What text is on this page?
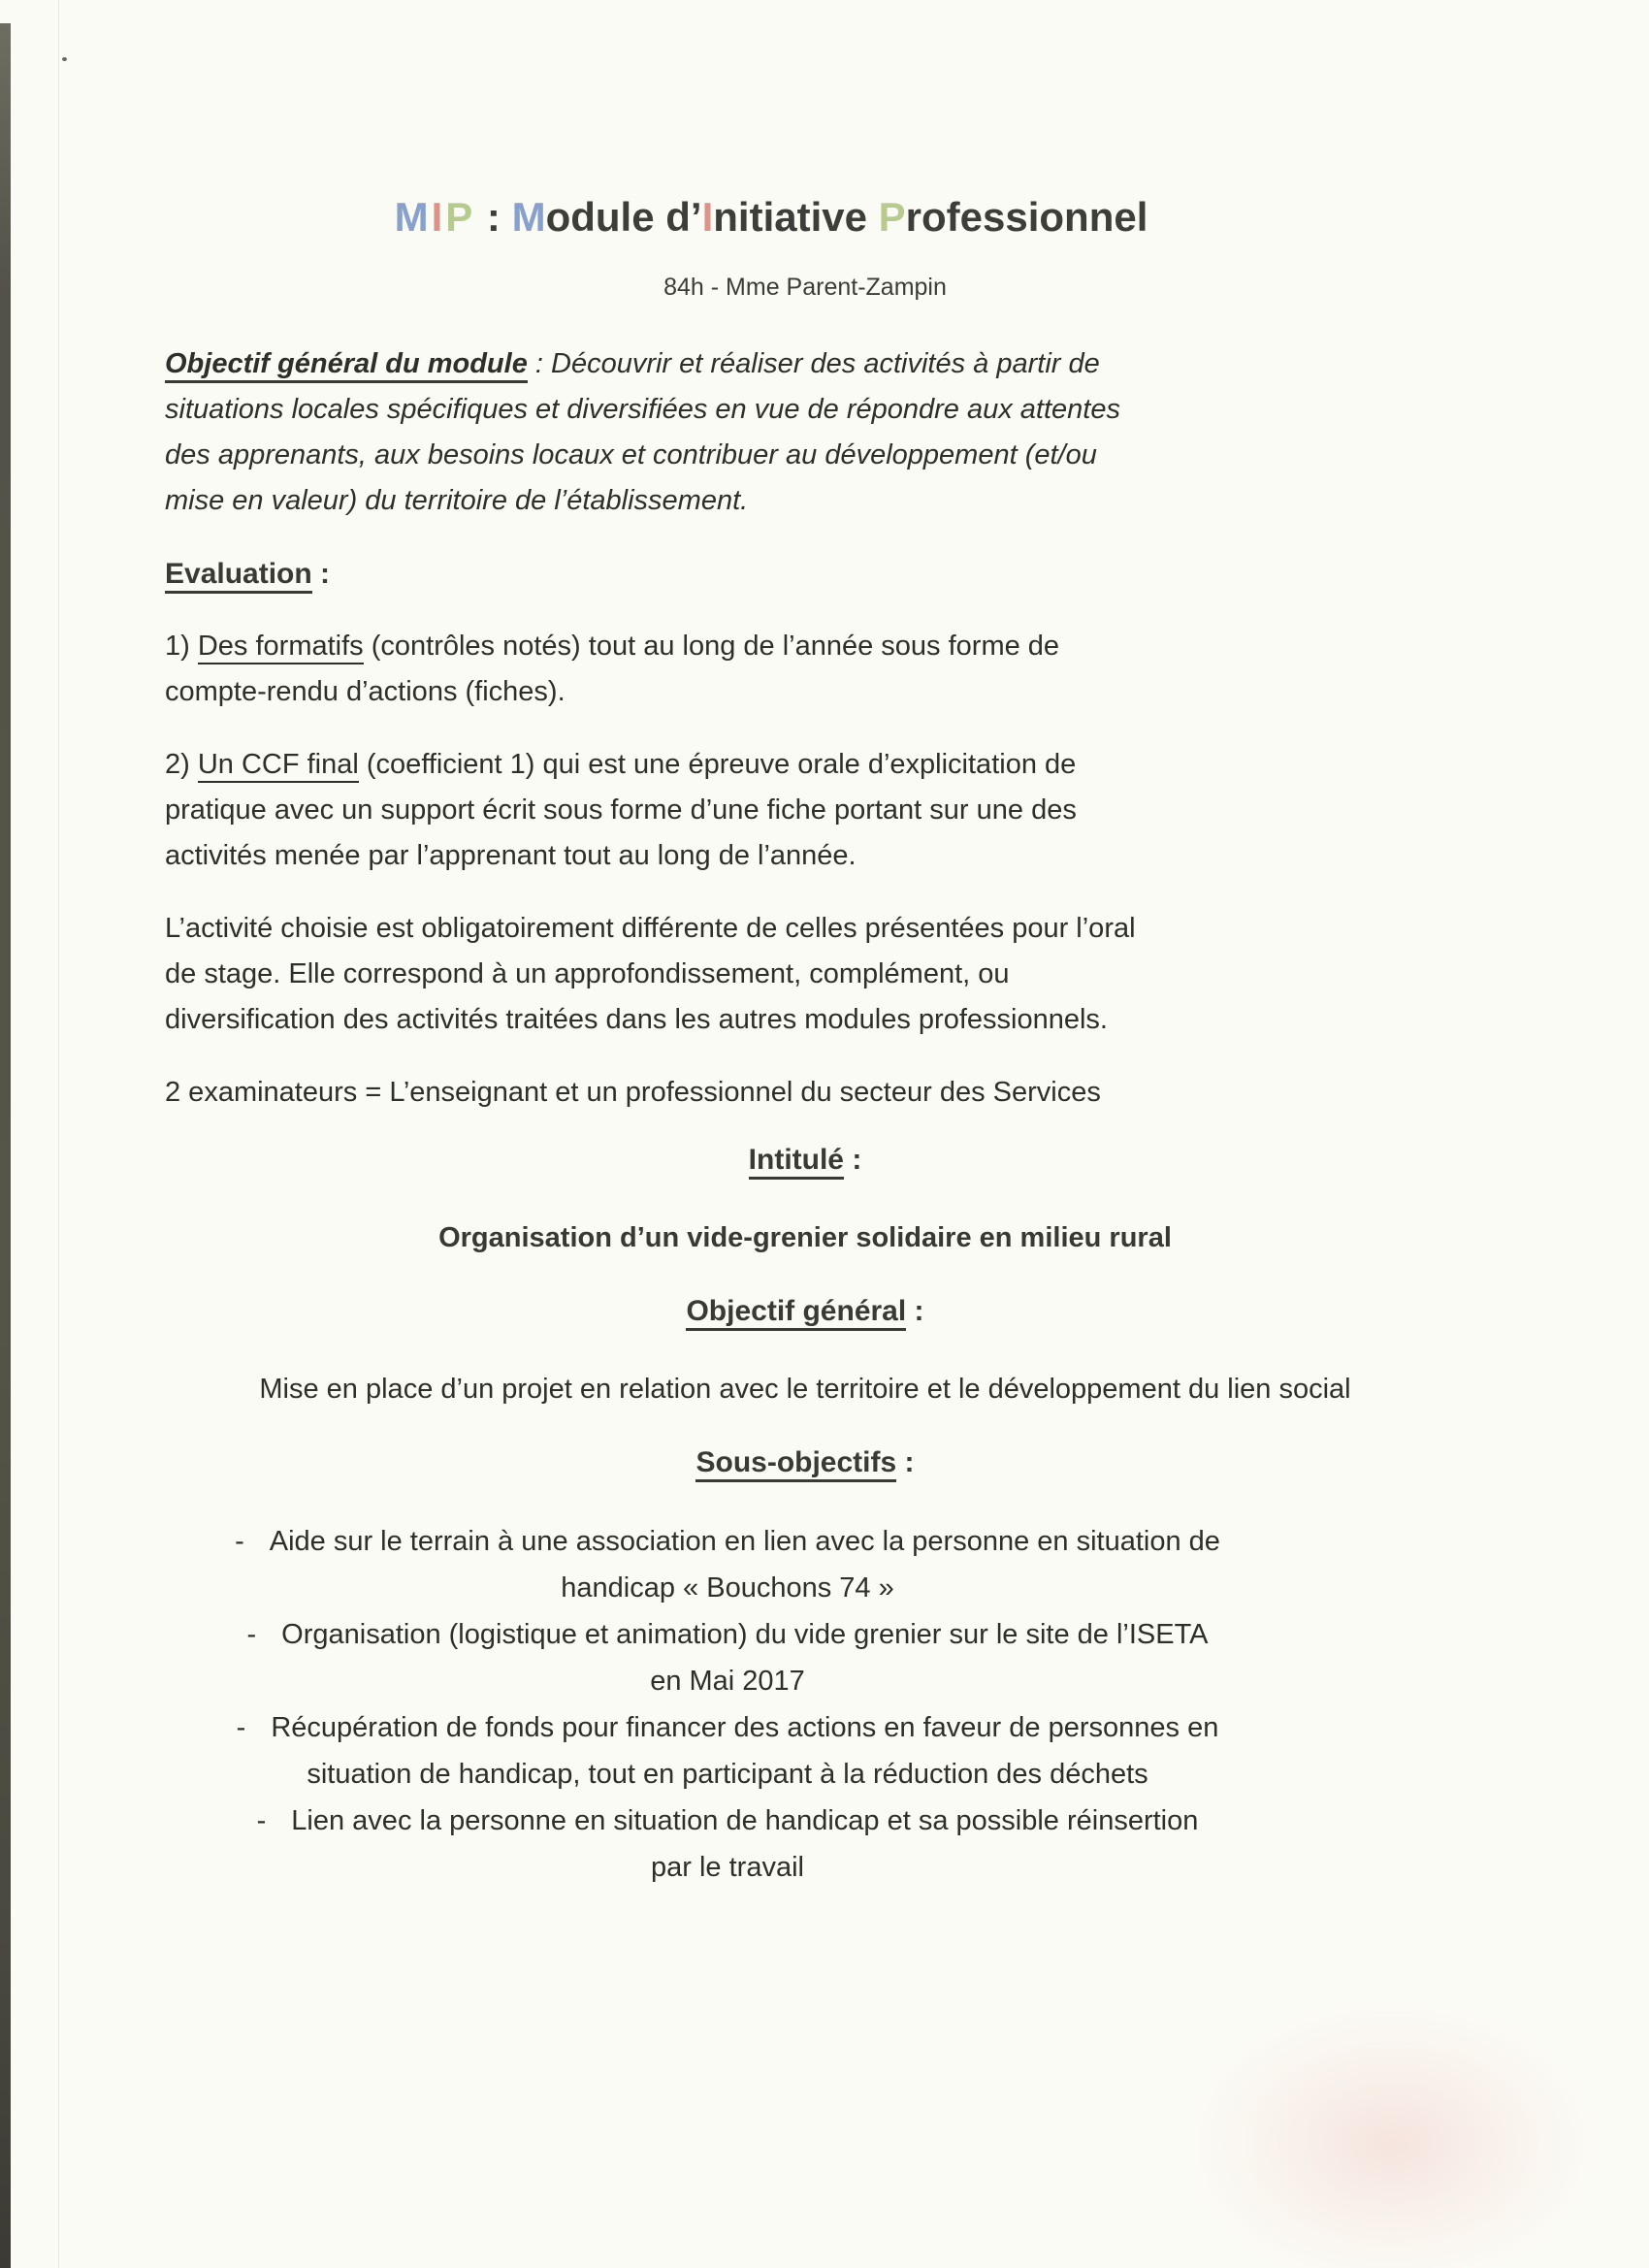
MIP : Module d’Initiative Professionnel
84h - Mme Parent-Zampin

Objectif général du module : Découvrir et réaliser des activités à partir de situations locales spécifiques et diversifiées en vue de répondre aux attentes des apprenants, aux besoins locaux et contribuer au développement (et/ou mise en valeur) du territoire de l’établissement.

Evaluation :

1) Des formatifs (contrôles notés) tout au long de l’année sous forme de compte-rendu d’actions (fiches).

2) Un CCF final (coefficient 1) qui est une épreuve orale d’explicitation de pratique avec un support écrit sous forme d’une fiche portant sur une des activités menée par l’apprenant tout au long de l’année.

L’activité choisie est obligatoirement différente de celles présentées pour l’oral de stage. Elle correspond à un approfondissement, complément, ou diversification des activités traitées dans les autres modules professionnels.

2 examinateurs = L’enseignant et un professionnel du secteur des Services

Intitulé :

Organisation d’un vide-grenier solidaire en milieu rural

Objectif général :

Mise en place d’un projet en relation avec le territoire et le développement du lien social

Sous-objectifs :
- Aide sur le terrain à une association en lien avec la personne en situation de handicap « Bouchons 74 »
- Organisation (logistique et animation) du vide grenier sur le site de l’ISETA en Mai 2017
- Récupération de fonds pour financer des actions en faveur de personnes en situation de handicap, tout en participant à la réduction des déchets
- Lien avec la personne en situation de handicap et sa possible réinsertion par le travail
